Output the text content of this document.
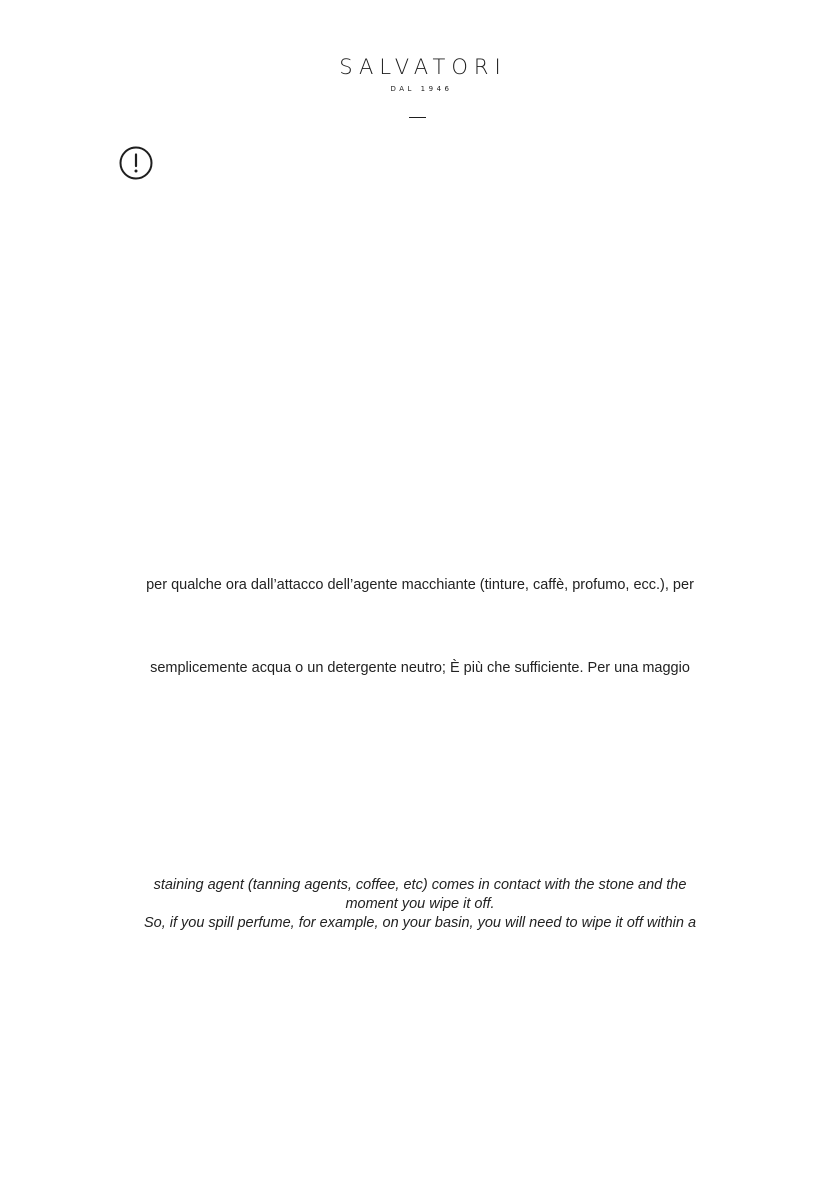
SALVATORI
DAL 1946
per qualche ora dall’attacco dell’agente macchiante (tinture, caffè, profumo, ecc.), per
semplicemente acqua o un detergente neutro; È più che sufficiente. Per una maggio
staining agent (tanning agents, coffee, etc) comes in contact with the stone and the
moment you wipe it off.
So, if you spill perfume, for example, on your basin, you will need to wipe it off within a
